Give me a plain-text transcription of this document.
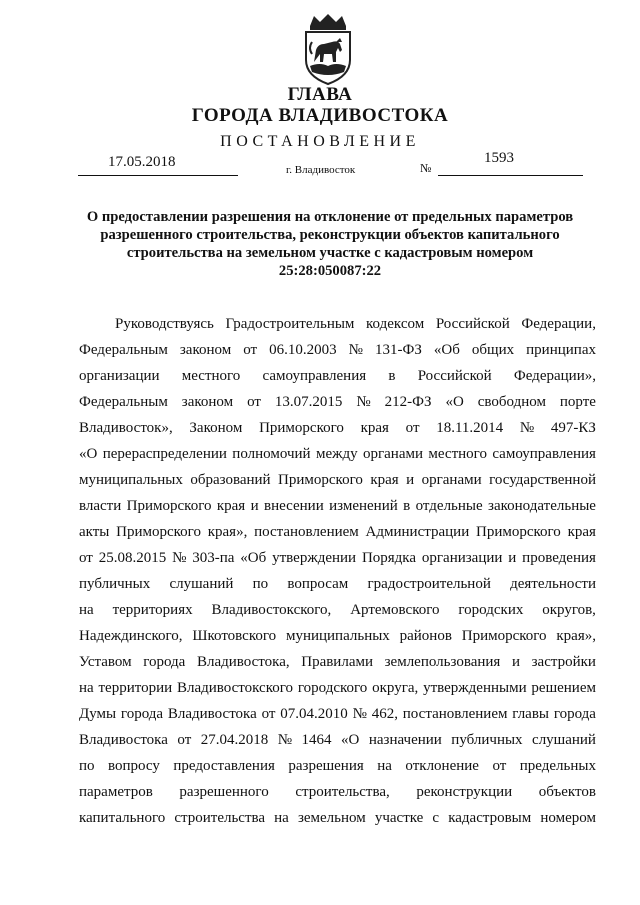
ГЛАВА
ГОРОДА ВЛАДИВОСТОКА
ПОСТАНОВЛЕНИЕ
17.05.2018	г. Владивосток	№
1593
О предоставлении разрешения на отклонение от предельных параметров
разрешенного строительства, реконструкции объектов капитального
строительства на земельном участке с кадастровым номером
25:28:050087:22
Руководствуясь Градостроительным кодексом Российской Федерации,
Федеральным законом от 06.10.2003 № 131-ФЗ «Об общих принципах
организации местного самоуправления в Российской Федерации»,
Федеральным законом от 13.07.2015 № 212-ФЗ «О свободном порте
Владивосток», Законом Приморского края от 18.11.2014 № 497-КЗ
«О перераспределении полномочий между органами местного самоуправления
муниципальных образований Приморского края и органами государственной
власти Приморского края и внесении изменений в отдельные законодательные
акты Приморского края», постановлением Администрации Приморского края
от 25.08.2015 № 303-па «Об утверждении Порядка организации и проведения
публичных слушаний по вопросам градостроительной деятельности
на территориях Владивостокского, Артемовского городских округов,
Надеждинского, Шкотовского муниципальных районов Приморского края»,
Уставом города Владивостока, Правилами землепользования и застройки
на территории Владивостокского городского округа, утвержденными решением
Думы города Владивостока от 07.04.2010 № 462, постановлением главы города
Владивостока от 27.04.2018 № 1464 «О назначении публичных слушаний
по вопросу предоставления разрешения на отклонение от предельных
параметров разрешенного строительства, реконструкции объектов
капитального строительства на земельном участке с кадастровым номером
